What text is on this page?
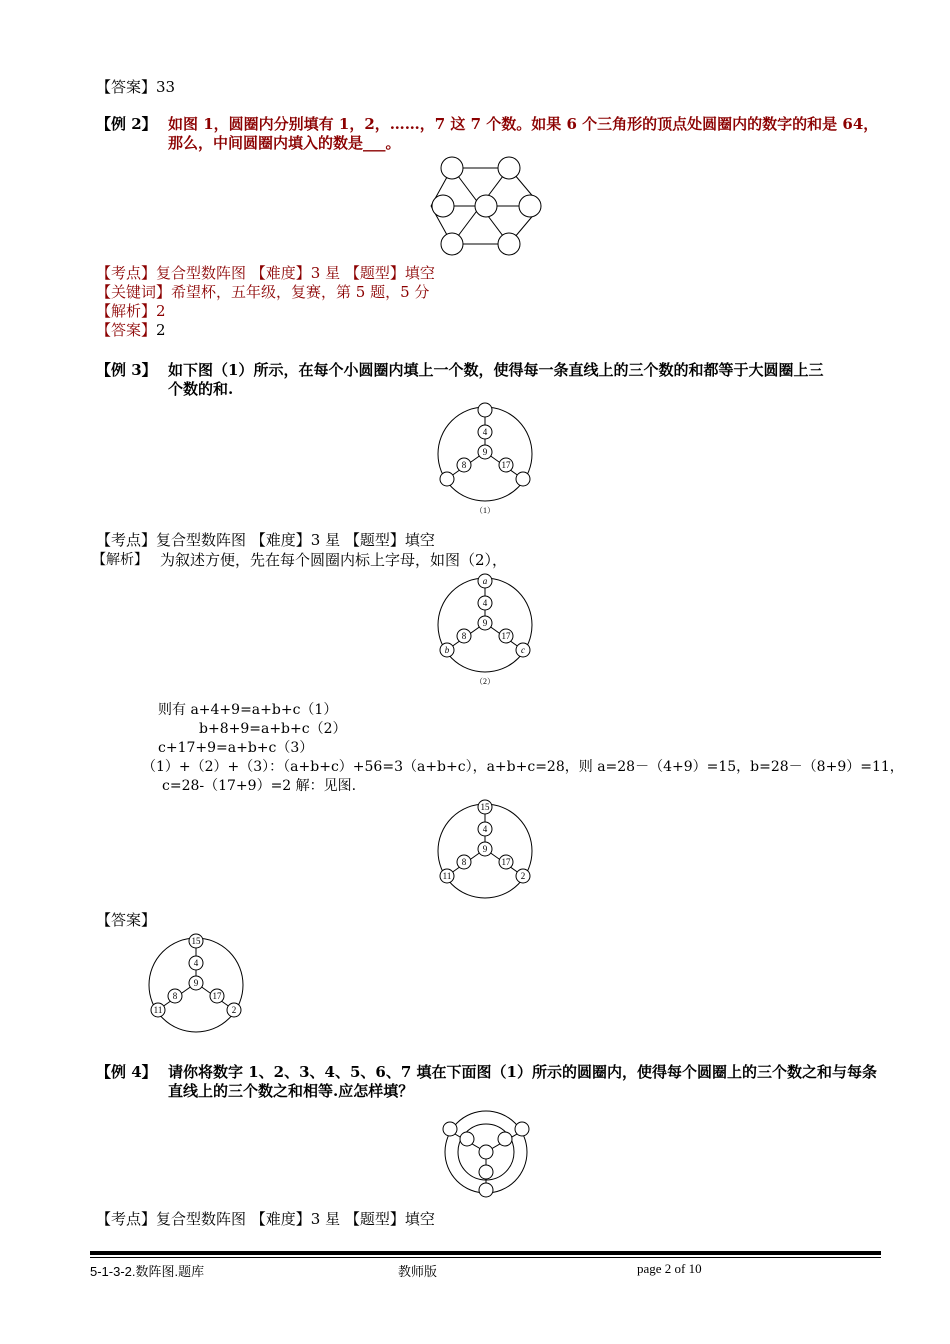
【答案】33
【例 2】 如图 1，圆圈内分别填有 1，2，……，7 这 7 个数。如果 6 个三角形的顶点处圆圈内的数字的和是 64，
那么，中间圆圈内填入的数是___。
【考点】复合型数阵图 【难度】3 星 【题型】填空
【关键词】希望杯，五年级，复赛，第 5 题，5 分
【解析】2
【答案】2
【例 3】 如下图（1）所示，在每个小圆圈内填上一个数，使得每一条直线上的三个数的和都等于大圆圈上三
个数的和.
4
9
8	17
（1）
【考点】复合型数阵图 【难度】3 星 【题型】填空
【解析】 为叙述方便，先在每个圆圈内标上字母，如图（2），
a
4
9
8	17
b	c
（2）
则有 a+4+9=a+b+c（1）
b+8+9=a+b+c（2）
c+17+9=a+b+c（3）
（1）+（2）+（3）：（a+b+c）+56=3（a+b+c），a+b+c=28，则 a=28－（4+9）=15，b=28－（8+9）=11，
c=28-（17+9）=2 解：见图.
15
4
9
8	17
11	2
【答案】
15
4
9
8	17
11	2
【例 4】 请你将数字 1、2、3、4、5、6、7 填在下面图（1）所示的圆圈内，使得每个圆圈上的三个数之和与每条
直线上的三个数之和相等.应怎样填？
【考点】复合型数阵图 【难度】3 星 【题型】填空
5-1-3-2.数阵图.题库	教师版	page 2 of 10
